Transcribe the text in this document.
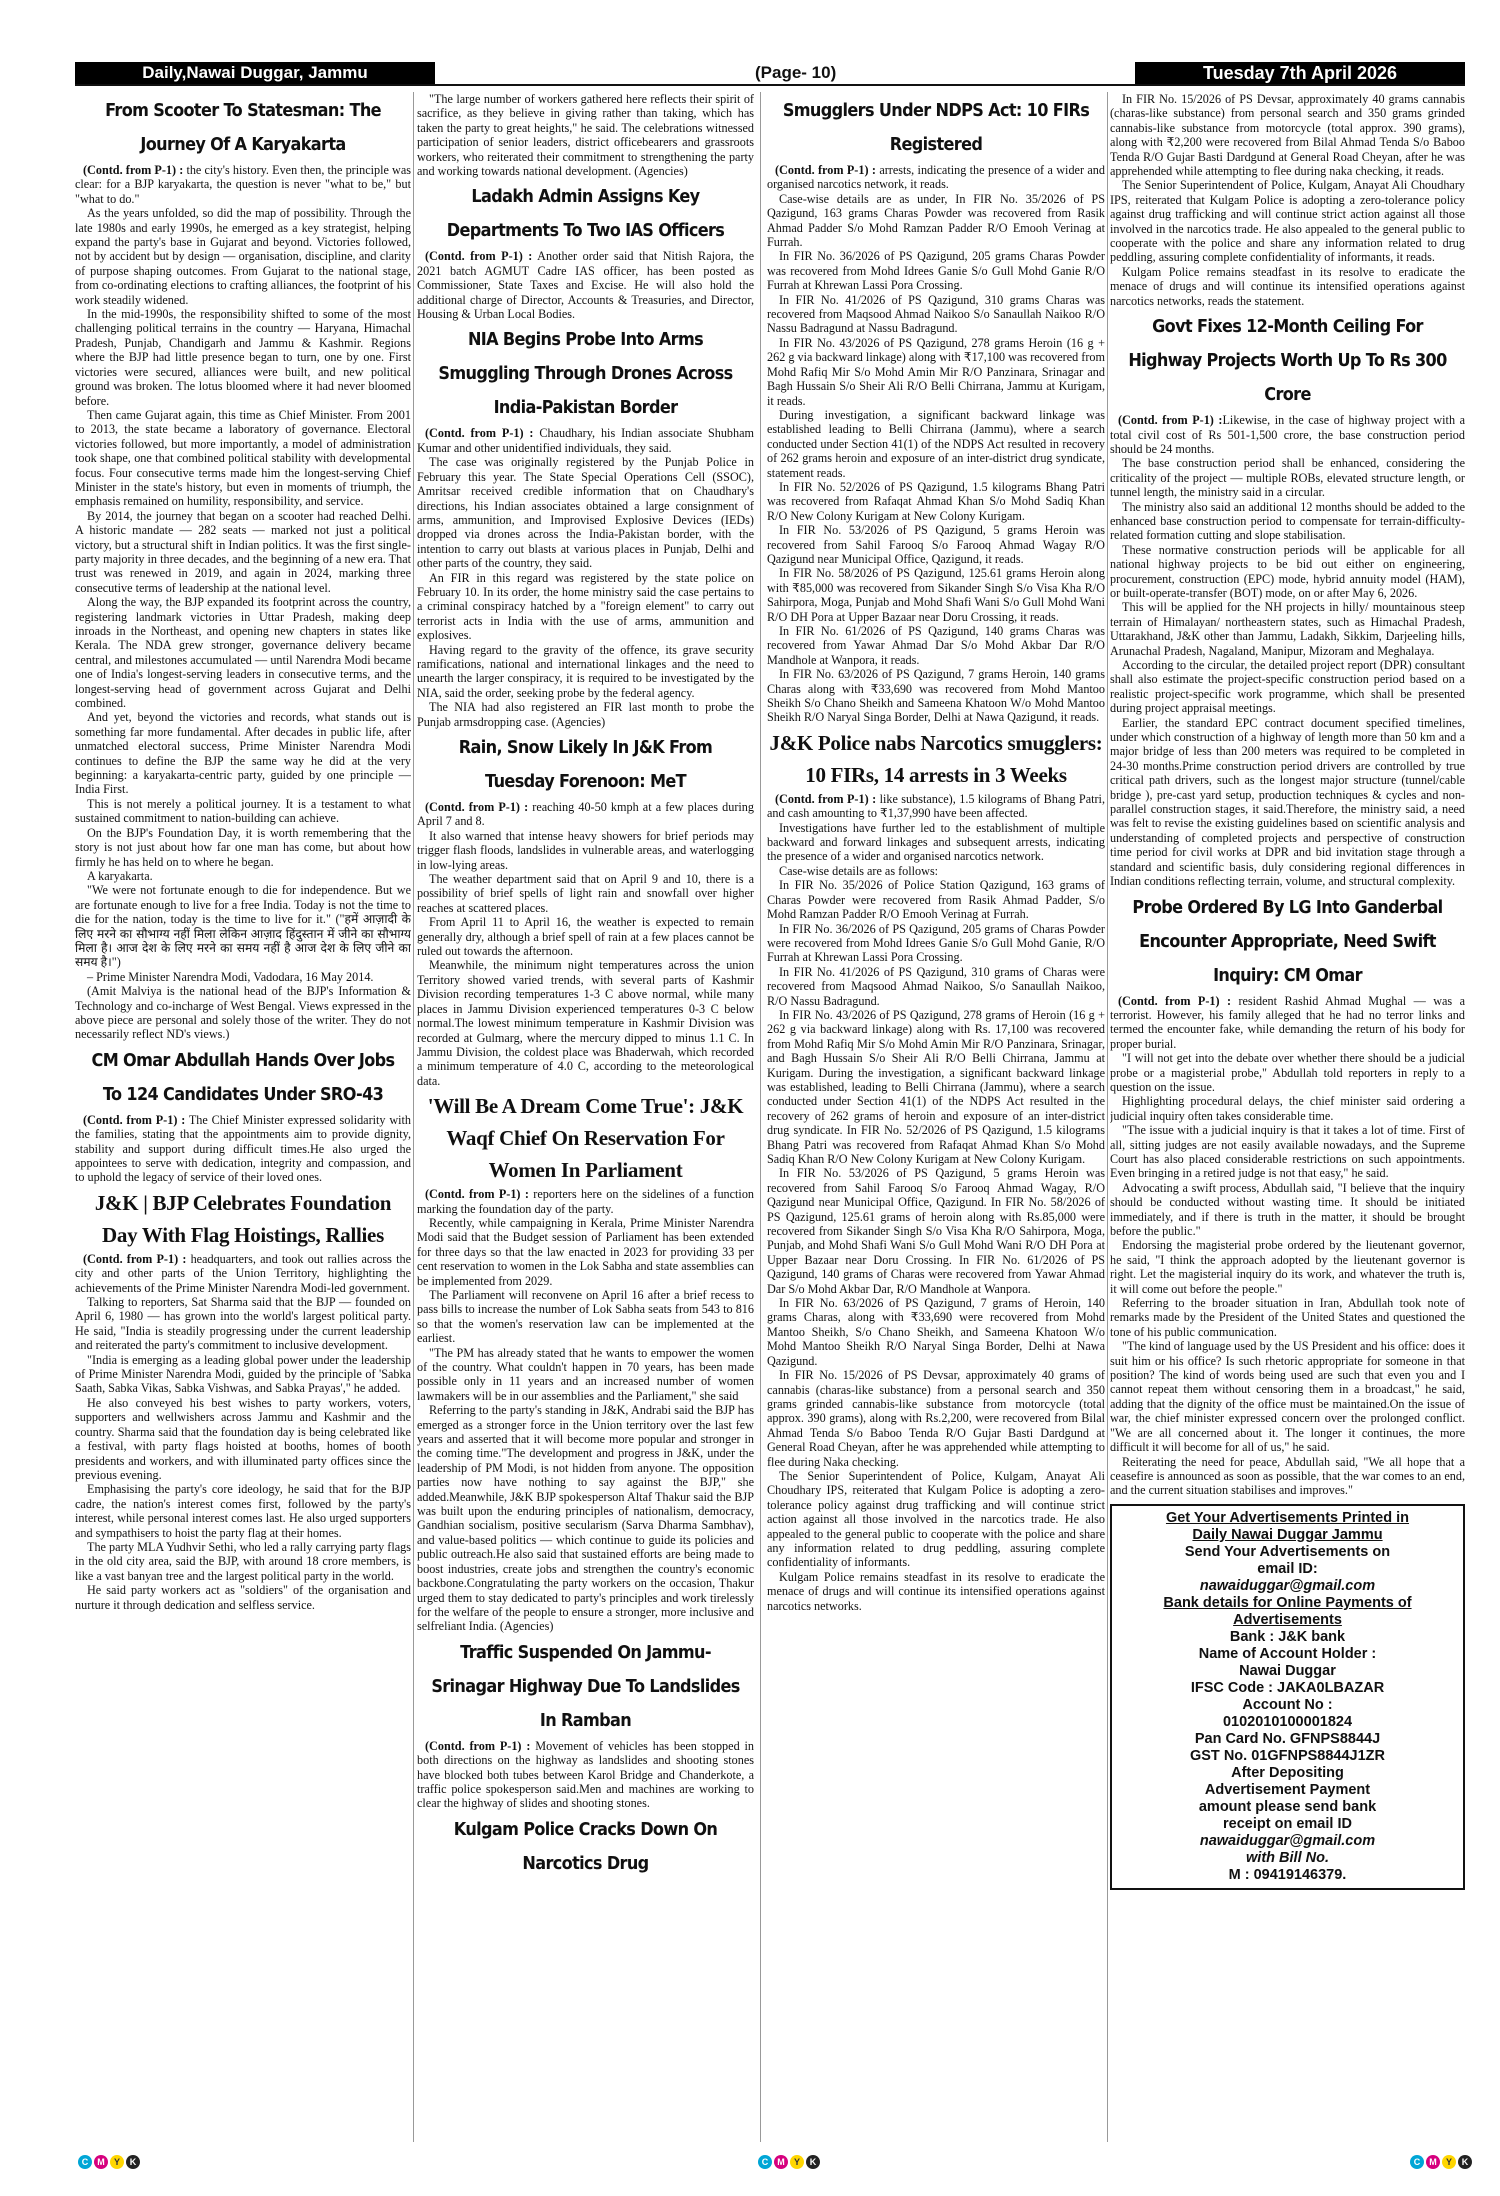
Daily,Nawai Duggar, Jammu	(Page- 10)	Tuesday 7th April 2026
From Scooter To Statesman: The Journey Of A Karyakarta

(Contd. from P-1) : the city's history. Even then, the principle was clear: for a BJP karyakarta, the question is never "what to be," but "what to do."

As the years unfolded, so did the map of possibility. Through the late 1980s and early 1990s, he emerged as a key strategist, helping expand the party's base in Gujarat and beyond. Victories followed, not by accident but by design — organisation, discipline, and clarity of purpose shaping outcomes. From Gujarat to the national stage, from co-ordinating elections to crafting alliances, the footprint of his work steadily widened.

In the mid-1990s, the responsibility shifted to some of the most challenging political terrains in the country — Haryana, Himachal Pradesh, Punjab, Chandigarh and Jammu & Kashmir. Regions where the BJP had little presence began to turn, one by one. First victories were secured, alliances were built, and new political ground was broken. The lotus bloomed where it had never bloomed before.

Then came Gujarat again, this time as Chief Minister. From 2001 to 2013, the state became a laboratory of governance. Electoral victories followed, but more importantly, a model of administration took shape, one that combined political stability with developmental focus. Four consecutive terms made him the longest-serving Chief Minister in the state's history, but even in moments of triumph, the emphasis remained on humility, responsibility, and service.

By 2014, the journey that began on a scooter had reached Delhi. A historic mandate — 282 seats — marked not just a political victory, but a structural shift in Indian politics. It was the first single-party majority in three decades, and the beginning of a new era. That trust was renewed in 2019, and again in 2024, marking three consecutive terms of leadership at the national level.

Along the way, the BJP expanded its footprint across the country, registering landmark victories in Uttar Pradesh, making deep inroads in the Northeast, and opening new chapters in states like Kerala. The NDA grew stronger, governance delivery became central, and milestones accumulated — until Narendra Modi became one of India's longest-serving leaders in consecutive terms, and the longest-serving head of government across Gujarat and Delhi combined.

And yet, beyond the victories and records, what stands out is something far more fundamental. After decades in public life, after unmatched electoral success, Prime Minister Narendra Modi continues to define the BJP the same way he did at the very beginning: a karyakarta-centric party, guided by one principle — India First.

This is not merely a political journey. It is a testament to what sustained commitment to nation-building can achieve.

On the BJP's Foundation Day, it is worth remembering that the story is not just about how far one man has come, but about how firmly he has held on to where he began.

A karyakarta.

"We were not fortunate enough to die for independence. But we are fortunate enough to live for a free India. Today is not the time to die for the nation, today is the time to live for it." ("हमें आज़ादी के लिए मरने का सौभाग्य नहीं मिला लेकिन आज़ाद हिंदुस्तान में जीने का सौभाग्य मिला है। आज देश के लिए मरने का समय नहीं है आज देश के लिए जीने का समय है।")

– Prime Minister Narendra Modi, Vadodara, 16 May 2014.

(Amit Malviya is the national head of the BJP's Information & Technology and co-incharge of West Bengal. Views expressed in the above piece are personal and solely those of the writer. They do not necessarily reflect ND's views.)

CM Omar Abdullah Hands Over Jobs To 124 Candidates Under SRO-43

(Contd. from P-1) : The Chief Minister expressed solidarity with the families, stating that the appointments aim to provide dignity, stability and support during difficult times.He also urged the appointees to serve with dedication, integrity and compassion, and to uphold the legacy of service of their loved ones.

J&K | BJP Celebrates Foundation Day With Flag Hoistings, Rallies

(Contd. from P-1) : headquarters, and took out rallies across the city and other parts of the Union Territory, highlighting the achievements of the Prime Minister Narendra Modi-led government.

Talking to reporters, Sat Sharma said that the BJP — founded on April 6, 1980 — has grown into the world's largest political party. He said, "India is steadily progressing under the current leadership and reiterated the party's commitment to inclusive development.

"India is emerging as a leading global power under the leadership of Prime Minister Narendra Modi, guided by the principle of 'Sabka Saath, Sabka Vikas, Sabka Vishwas, and Sabka Prayas'," he added.

He also conveyed his best wishes to party workers, voters, supporters and wellwishers across Jammu and Kashmir and the country. Sharma said that the foundation day is being celebrated like a festival, with party flags hoisted at booths, homes of booth presidents and workers, and with illuminated party offices since the previous evening.

Emphasising the party's core ideology, he said that for the BJP cadre, the nation's interest comes first, followed by the party's interest, while personal interest comes last. He also urged supporters and sympathisers to hoist the party flag at their homes.

The party MLA Yudhvir Sethi, who led a rally carrying party flags in the old city area, said the BJP, with around 18 crore members, is like a vast banyan tree and the largest political party in the world.

He said party workers act as "soldiers" of the organisation and nurture it through dedication and selfless service.

"The large number of workers gathered here reflects their spirit of sacrifice, as they believe in giving rather than taking, which has taken the party to great heights," he said. The celebrations witnessed participation of senior leaders, district officebearers and grassroots workers, who reiterated their commitment to strengthening the party and working towards national development. (Agencies)

Ladakh Admin Assigns Key Departments To Two IAS Officers

(Contd. from P-1) : Another order said that Nitish Rajora, the 2021 batch AGMUT Cadre IAS officer, has been posted as Commissioner, State Taxes and Excise. He will also hold the additional charge of Director, Accounts & Treasuries, and Director, Housing & Urban Local Bodies.

NIA Begins Probe Into Arms Smuggling Through Drones Across India-Pakistan Border

(Contd. from P-1) : Chaudhary, his Indian associate Shubham Kumar and other unidentified individuals, they said.

The case was originally registered by the Punjab Police in February this year. The State Special Operations Cell (SSOC), Amritsar received credible information that on Chaudhary's directions, his Indian associates obtained a large consignment of arms, ammunition, and Improvised Explosive Devices (IEDs) dropped via drones across the India-Pakistan border, with the intention to carry out blasts at various places in Punjab, Delhi and other parts of the country, they said.

An FIR in this regard was registered by the state police on February 10. In its order, the home ministry said the case pertains to a criminal conspiracy hatched by a "foreign element" to carry out terrorist acts in India with the use of arms, ammunition and explosives.

Having regard to the gravity of the offence, its grave security ramifications, national and international linkages and the need to unearth the larger conspiracy, it is required to be investigated by the NIA, said the order, seeking probe by the federal agency.

The NIA had also registered an FIR last month to probe the Punjab armsdropping case. (Agencies)

Rain, Snow Likely In J&K From Tuesday Forenoon: MeT

(Contd. from P-1) : reaching 40-50 kmph at a few places during April 7 and 8.

It also warned that intense heavy showers for brief periods may trigger flash floods, landslides in vulnerable areas, and waterlogging in low-lying areas.

The weather department said that on April 9 and 10, there is a possibility of brief spells of light rain and snowfall over higher reaches at scattered places.

From April 11 to April 16, the weather is expected to remain generally dry, although a brief spell of rain at a few places cannot be ruled out towards the afternoon.

Meanwhile, the minimum night temperatures across the union Territory showed varied trends, with several parts of Kashmir Division recording temperatures 1-3 C above normal, while many places in Jammu Division experienced temperatures 0-3 C below normal.The lowest minimum temperature in Kashmir Division was recorded at Gulmarg, where the mercury dipped to minus 1.1 C. In Jammu Division, the coldest place was Bhaderwah, which recorded a minimum temperature of 4.0 C, according to the meteorological data.

'Will Be A Dream Come True': J&K Waqf Chief On Reservation For Women In Parliament

(Contd. from P-1) : reporters here on the sidelines of a function marking the foundation day of the party.

Recently, while campaigning in Kerala, Prime Minister Narendra Modi said that the Budget session of Parliament has been extended for three days so that the law enacted in 2023 for providing 33 per cent reservation to women in the Lok Sabha and state assemblies can be implemented from 2029.

The Parliament will reconvene on April 16 after a brief recess to pass bills to increase the number of Lok Sabha seats from 543 to 816 so that the women's reservation law can be implemented at the earliest.

"The PM has already stated that he wants to empower the women of the country. What couldn't happen in 70 years, has been made possible only in 11 years and an increased number of women lawmakers will be in our assemblies and the Parliament," she said

Referring to the party's standing in J&K, Andrabi said the BJP has emerged as a stronger force in the Union territory over the last few years and asserted that it will become more popular and stronger in the coming time."The development and progress in J&K, under the leadership of PM Modi, is not hidden from anyone. The opposition parties now have nothing to say against the BJP," she added.Meanwhile, J&K BJP spokesperson Altaf Thakur said the BJP was built upon the enduring principles of nationalism, democracy, Gandhian socialism, positive secularism (Sarva Dharma Sambhav), and value-based politics — which continue to guide its policies and public outreach.He also said that sustained efforts are being made to boost industries, create jobs and strengthen the country's economic backbone.Congratulating the party workers on the occasion, Thakur urged them to stay dedicated to party's principles and work tirelessly for the welfare of the people to ensure a stronger, more inclusive and selfreliant India. (Agencies)

Traffic Suspended On Jammu-Srinagar Highway Due To Landslides In Ramban

(Contd. from P-1) : Movement of vehicles has been stopped in both directions on the highway as landslides and shooting stones have blocked both tubes between Karol Bridge and Chanderkote, a traffic police spokesperson said.Men and machines are working to clear the highway of slides and shooting stones.

Kulgam Police Cracks Down On Narcotics Drug
Smugglers Under NDPS Act: 10 FIRs Registered

(Contd. from P-1) : arrests, indicating the presence of a wider and organised narcotics network, it reads.

Case-wise details are as under, In FIR No. 35/2026 of PS Qazigund, 163 grams Charas Powder was recovered from Rasik Ahmad Padder S/o Mohd Ramzan Padder R/O Emooh Verinag at Furrah.

In FIR No. 36/2026 of PS Qazigund, 205 grams Charas Powder was recovered from Mohd Idrees Ganie S/o Gull Mohd Ganie R/O Furrah at Khrewan Lassi Pora Crossing.

In FIR No. 41/2026 of PS Qazigund, 310 grams Charas was recovered from Maqsood Ahmad Naikoo S/o Sanaullah Naikoo R/O Nassu Badragund at Nassu Badragund.

In FIR No. 43/2026 of PS Qazigund, 278 grams Heroin (16 g + 262 g via backward linkage) along with ₹17,100 was recovered from Mohd Rafiq Mir S/o Mohd Amin Mir R/O Panzinara, Srinagar and Bagh Hussain S/o Sheir Ali R/O Belli Chirrana, Jammu at Kurigam, it reads.

During investigation, a significant backward linkage was established leading to Belli Chirrana (Jammu), where a search conducted under Section 41(1) of the NDPS Act resulted in recovery of 262 grams heroin and exposure of an inter-district drug syndicate, statement reads.

In FIR No. 52/2026 of PS Qazigund, 1.5 kilograms Bhang Patri was recovered from Rafaqat Ahmad Khan S/o Mohd Sadiq Khan R/O New Colony Kurigam at New Colony Kurigam.

In FIR No. 53/2026 of PS Qazigund, 5 grams Heroin was recovered from Sahil Farooq S/o Farooq Ahmad Wagay R/O Qazigund near Municipal Office, Qazigund, it reads.

In FIR No. 58/2026 of PS Qazigund, 125.61 grams Heroin along with ₹85,000 was recovered from Sikander Singh S/o Visa Kha R/O Sahirpora, Moga, Punjab and Mohd Shafi Wani S/o Gull Mohd Wani R/O DH Pora at Upper Bazaar near Doru Crossing, it reads.

In FIR No. 61/2026 of PS Qazigund, 140 grams Charas was recovered from Yawar Ahmad Dar S/o Mohd Akbar Dar R/O Mandhole at Wanpora, it reads.

In FIR No. 63/2026 of PS Qazigund, 7 grams Heroin, 140 grams Charas along with ₹33,690 was recovered from Mohd Mantoo Sheikh S/o Chano Sheikh and Sameena Khatoon W/o Mohd Mantoo Sheikh R/O Naryal Singa Border, Delhi at Nawa Qazigund, it reads.

J&K Police nabs Narcotics smugglers: 10 FIRs, 14 arrests in 3 Weeks

(Contd. from P-1) : like substance), 1.5 kilograms of Bhang Patri, and cash amounting to ₹1,37,990 have been affected.

Investigations have further led to the establishment of multiple backward and forward linkages and subsequent arrests, indicating the presence of a wider and organised narcotics network.

Case-wise details are as follows:

In FIR No. 35/2026 of Police Station Qazigund, 163 grams of Charas Powder were recovered from Rasik Ahmad Padder, S/o Mohd Ramzan Padder R/O Emooh Verinag at Furrah.

In FIR No. 36/2026 of PS Qazigund, 205 grams of Charas Powder were recovered from Mohd Idrees Ganie S/o Gull Mohd Ganie, R/O Furrah at Khrewan Lassi Pora Crossing.

In FIR No. 41/2026 of PS Qazigund, 310 grams of Charas were recovered from Maqsood Ahmad Naikoo, S/o Sanaullah Naikoo, R/O Nassu Badragund.

In FIR No. 43/2026 of PS Qazigund, 278 grams of Heroin (16 g + 262 g via backward linkage) along with Rs. 17,100 was recovered from Mohd Rafiq Mir S/o Mohd Amin Mir R/O Panzinara, Srinagar, and Bagh Hussain S/o Sheir Ali R/O Belli Chirrana, Jammu at Kurigam. During the investigation, a significant backward linkage was established, leading to Belli Chirrana (Jammu), where a search conducted under Section 41(1) of the NDPS Act resulted in the recovery of 262 grams of heroin and exposure of an inter-district drug syndicate. In FIR No. 52/2026 of PS Qazigund, 1.5 kilograms Bhang Patri was recovered from Rafaqat Ahmad Khan S/o Mohd Sadiq Khan R/O New Colony Kurigam at New Colony Kurigam.

In FIR No. 53/2026 of PS Qazigund, 5 grams Heroin was recovered from Sahil Farooq S/o Farooq Ahmad Wagay, R/O Qazigund near Municipal Office, Qazigund. In FIR No. 58/2026 of PS Qazigund, 125.61 grams of heroin along with Rs.85,000 were recovered from Sikander Singh S/o Visa Kha R/O Sahirpora, Moga, Punjab, and Mohd Shafi Wani S/o Gull Mohd Wani R/O DH Pora at Upper Bazaar near Doru Crossing. In FIR No. 61/2026 of PS Qazigund, 140 grams of Charas were recovered from Yawar Ahmad Dar S/o Mohd Akbar Dar, R/O Mandhole at Wanpora.

In FIR No. 63/2026 of PS Qazigund, 7 grams of Heroin, 140 grams Charas, along with ₹33,690 were recovered from Mohd Mantoo Sheikh, S/o Chano Sheikh, and Sameena Khatoon W/o Mohd Mantoo Sheikh R/O Naryal Singa Border, Delhi at Nawa Qazigund.

In FIR No. 15/2026 of PS Devsar, approximately 40 grams of cannabis (charas-like substance) from a personal search and 350 grams grinded cannabis-like substance from motorcycle (total approx. 390 grams), along with Rs.2,200, were recovered from Bilal Ahmad Tenda S/o Baboo Tenda R/O Gujar Basti Dardgund at General Road Cheyan, after he was apprehended while attempting to flee during Naka checking.

The Senior Superintendent of Police, Kulgam, Anayat Ali Choudhary IPS, reiterated that Kulgam Police is adopting a zero-tolerance policy against drug trafficking and will continue strict action against all those involved in the narcotics trade. He also appealed to the general public to cooperate with the police and share any information related to drug peddling, assuring complete confidentiality of informants.

Kulgam Police remains steadfast in its resolve to eradicate the menace of drugs and will continue its intensified operations against narcotics networks.

In FIR No. 15/2026 of PS Devsar, approximately 40 grams cannabis (charas-like substance) from personal search and 350 grams grinded cannabis-like substance from motorcycle (total approx. 390 grams), along with ₹2,200 were recovered from Bilal Ahmad Tenda S/o Baboo Tenda R/O Gujar Basti Dardgund at General Road Cheyan, after he was apprehended while attempting to flee during naka checking, it reads.

The Senior Superintendent of Police, Kulgam, Anayat Ali Choudhary IPS, reiterated that Kulgam Police is adopting a zero-tolerance policy against drug trafficking and will continue strict action against all those involved in the narcotics trade. He also appealed to the general public to cooperate with the police and share any information related to drug peddling, assuring complete confidentiality of informants, it reads.

Kulgam Police remains steadfast in its resolve to eradicate the menace of drugs and will continue its intensified operations against narcotics networks, reads the statement.

Govt Fixes 12-Month Ceiling For Highway Projects Worth Up To Rs 300 Crore

(Contd. from P-1) :Likewise, in the case of highway project with a total civil cost of Rs 501-1,500 crore, the base construction period should be 24 months.

The base construction period shall be enhanced, considering the criticality of the project — multiple ROBs, elevated structure length, or tunnel length, the ministry said in a circular.

The ministry also said an additional 12 months should be added to the enhanced base construction period to compensate for terrain-difficulty-related formation cutting and slope stabilisation.

These normative construction periods will be applicable for all national highway projects to be bid out either on engineering, procurement, construction (EPC) mode, hybrid annuity model (HAM), or built-operate-transfer (BOT) mode, on or after May 6, 2026.

This will be applied for the NH projects in hilly/ mountainous steep terrain of Himalayan/ northeastern states, such as Himachal Pradesh, Uttarakhand, J&K other than Jammu, Ladakh, Sikkim, Darjeeling hills, Arunachal Pradesh, Nagaland, Manipur, Mizoram and Meghalaya.

According to the circular, the detailed project report (DPR) consultant shall also estimate the project-specific construction period based on a realistic project-specific work programme, which shall be presented during project appraisal meetings.

Earlier, the standard EPC contract document specified timelines, under which construction of a highway of length more than 50 km and a major bridge of less than 200 meters was required to be completed in 24-30 months.Prime construction period drivers are controlled by true critical path drivers, such as the longest major structure (tunnel/cable bridge ), pre-cast yard setup, production techniques & cycles and non-parallel construction stages, it said.Therefore, the ministry said, a need was felt to revise the existing guidelines based on scientific analysis and understanding of completed projects and perspective of construction time period for civil works at DPR and bid invitation stage through a standard and scientific basis, duly considering regional differences in Indian conditions reflecting terrain, volume, and structural complexity.

Probe Ordered By LG Into Ganderbal Encounter Appropriate, Need Swift Inquiry: CM Omar

(Contd. from P-1) : resident Rashid Ahmad Mughal — was a terrorist. However, his family alleged that he had no terror links and termed the encounter fake, while demanding the return of his body for proper burial.

"I will not get into the debate over whether there should be a judicial probe or a magisterial probe," Abdullah told reporters in reply to a question on the issue.

Highlighting procedural delays, the chief minister said ordering a judicial inquiry often takes considerable time.

"The issue with a judicial inquiry is that it takes a lot of time. First of all, sitting judges are not easily available nowadays, and the Supreme Court has also placed considerable restrictions on such appointments. Even bringing in a retired judge is not that easy," he said.

Advocating a swift process, Abdullah said, "I believe that the inquiry should be conducted without wasting time. It should be initiated immediately, and if there is truth in the matter, it should be brought before the public."

Endorsing the magisterial probe ordered by the lieutenant governor, he said, "I think the approach adopted by the lieutenant governor is right. Let the magisterial inquiry do its work, and whatever the truth is, it will come out before the people."

Referring to the broader situation in Iran, Abdullah took note of remarks made by the President of the United States and questioned the tone of his public communication.

"The kind of language used by the US President and his office: does it suit him or his office? Is such rhetoric appropriate for someone in that position? The kind of words being used are such that even you and I cannot repeat them without censoring them in a broadcast," he said, adding that the dignity of the office must be maintained.On the issue of war, the chief minister expressed concern over the prolonged conflict. "We are all concerned about it. The longer it continues, the more difficult it will become for all of us," he said.

Reiterating the need for peace, Abdullah said, "We all hope that a ceasefire is announced as soon as possible, that the war comes to an end, and the current situation stabilises and improves."

Get Your Advertisements Printed in
Daily Nawai Duggar Jammu
Send Your Advertisements on
email ID:
nawaiduggar@gmail.com
Bank details for Online Payments of Advertisements
Bank : J&K bank
Name of Account Holder :
Nawai Duggar
IFSC Code : JAKA0LBAZAR
Account No :
0102010100001824
Pan Card No. GFNPS8844J
GST No. 01GFNPS8844J1ZR
After Depositing
Advertisement Payment
amount please send bank
receipt on email ID
nawaiduggar@gmail.com
with Bill No.
M : 09419146379.
C	M	Y	K	C	M	Y	K	C	M	Y	K
